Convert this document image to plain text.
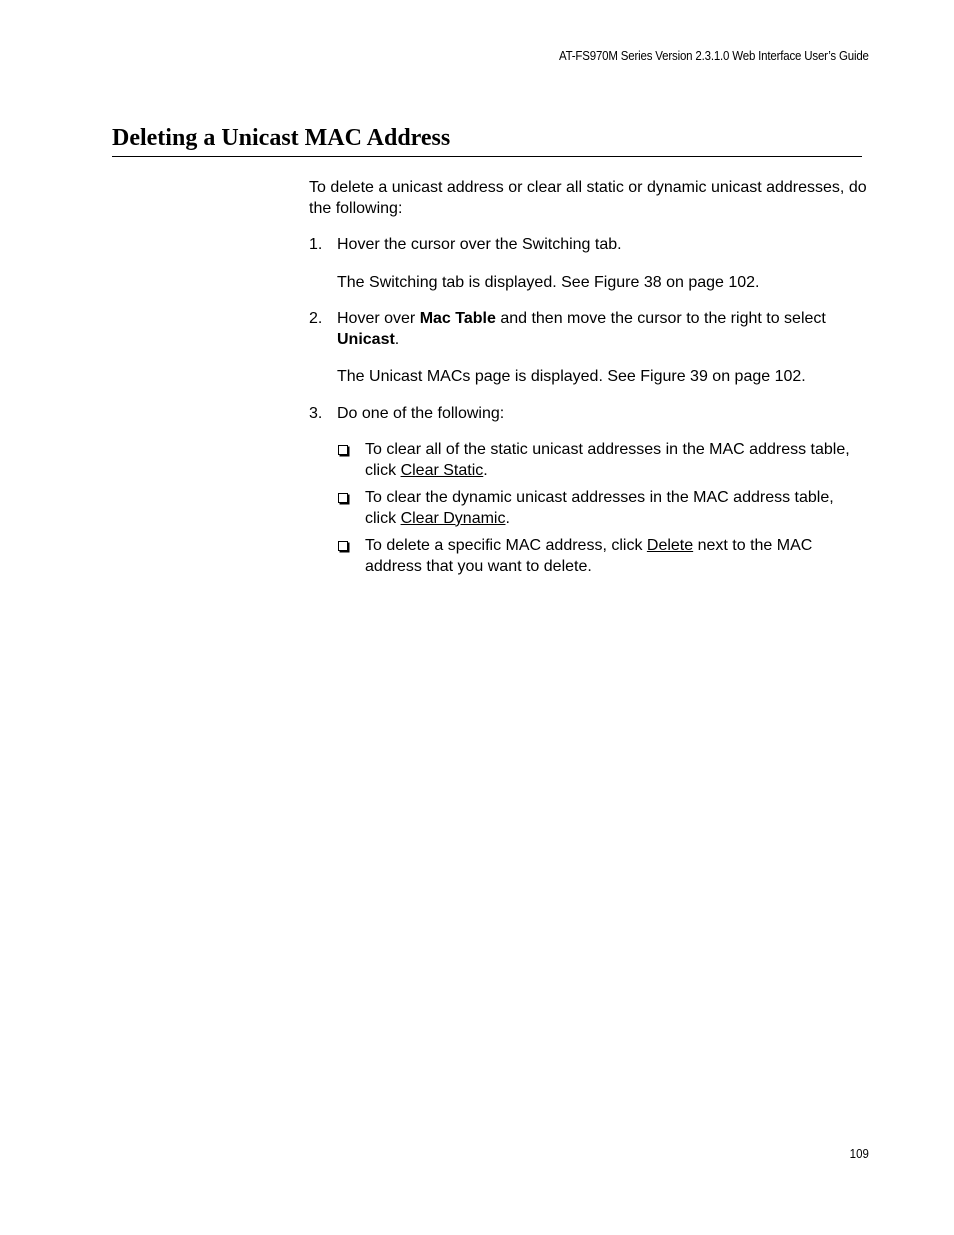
AT-FS970M Series Version 2.3.1.0 Web Interface User’s Guide
Deleting a Unicast MAC Address

To delete a unicast address or clear all static or dynamic unicast addresses, do the following:

1. Hover the cursor over the Switching tab.

The Switching tab is displayed. See Figure 38 on page 102.

2. Hover over Mac Table and then move the cursor to the right to select Unicast.

The Unicast MACs page is displayed. See Figure 39 on page 102.

3. Do one of the following:
To clear all of the static unicast addresses in the MAC address table, click Clear Static.
To clear the dynamic unicast addresses in the MAC address table, click Clear Dynamic.
To delete a specific MAC address, click Delete next to the MAC address that you want to delete.
109
